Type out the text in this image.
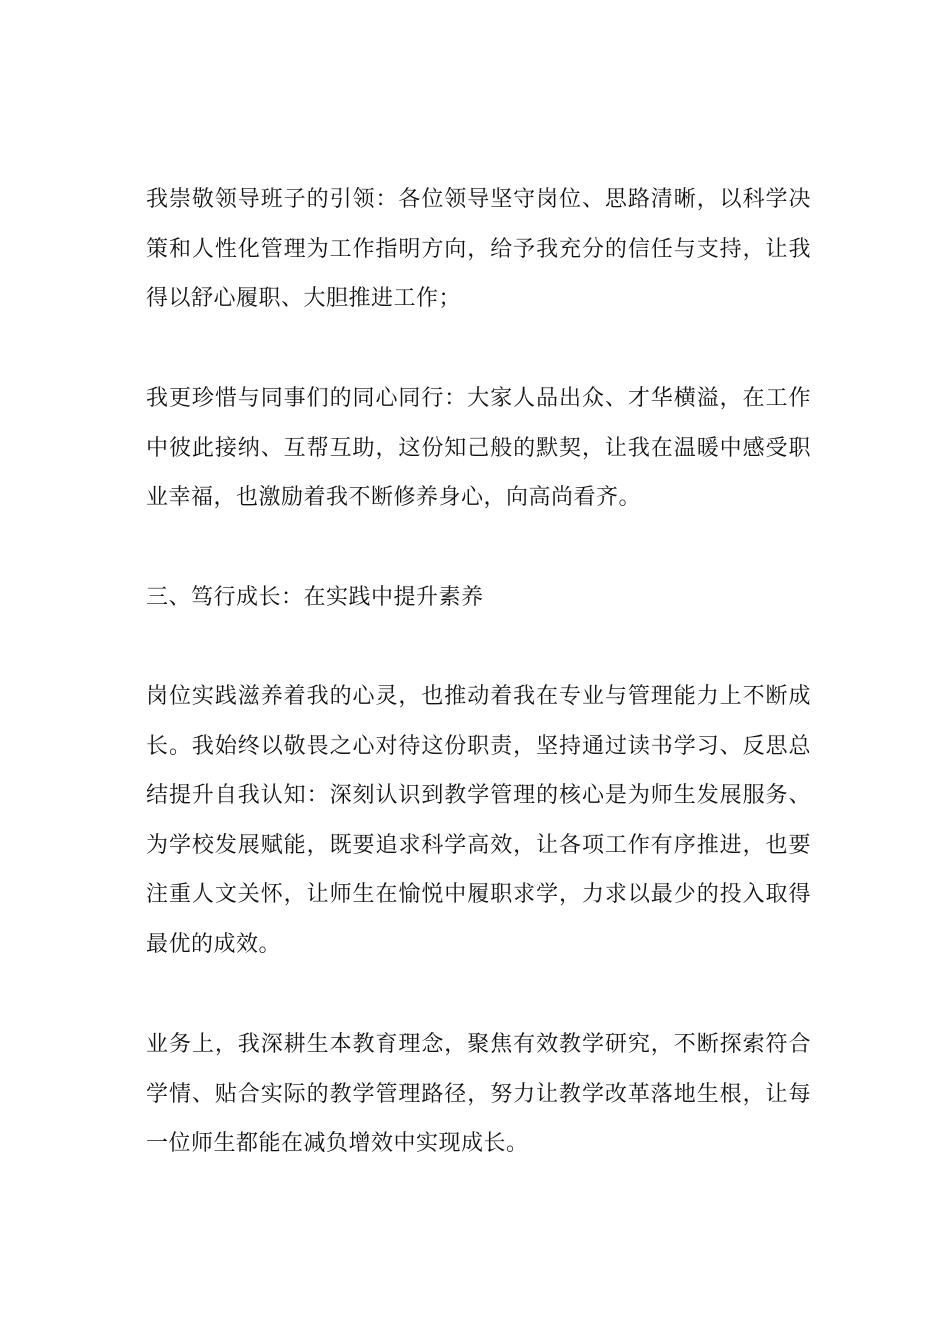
我崇敬领导班子的引领：各位领导坚守岗位、思路清晰，以科学决策和人性化管理为工作指明方向，给予我充分的信任与支持，让我得以舒心履职、大胆推进工作；

我更珍惜与同事们的同心同行：大家人品出众、才华横溢，在工作中彼此接纳、互帮互助，这份知己般的默契，让我在温暖中感受职业幸福，也激励着我不断修养身心，向高尚看齐。

三、笃行成长：在实践中提升素养

岗位实践滋养着我的心灵，也推动着我在专业与管理能力上不断成长。我始终以敬畏之心对待这份职责，坚持通过读书学习、反思总结提升自我认知：深刻认识到教学管理的核心是为师生发展服务、为学校发展赋能，既要追求科学高效，让各项工作有序推进，也要注重人文关怀，让师生在愉悦中履职求学，力求以最少的投入取得最优的成效。

业务上，我深耕生本教育理念，聚焦有效教学研究，不断探索符合学情、贴合实际的教学管理路径，努力让教学改革落地生根，让每一位师生都能在减负增效中实现成长。
